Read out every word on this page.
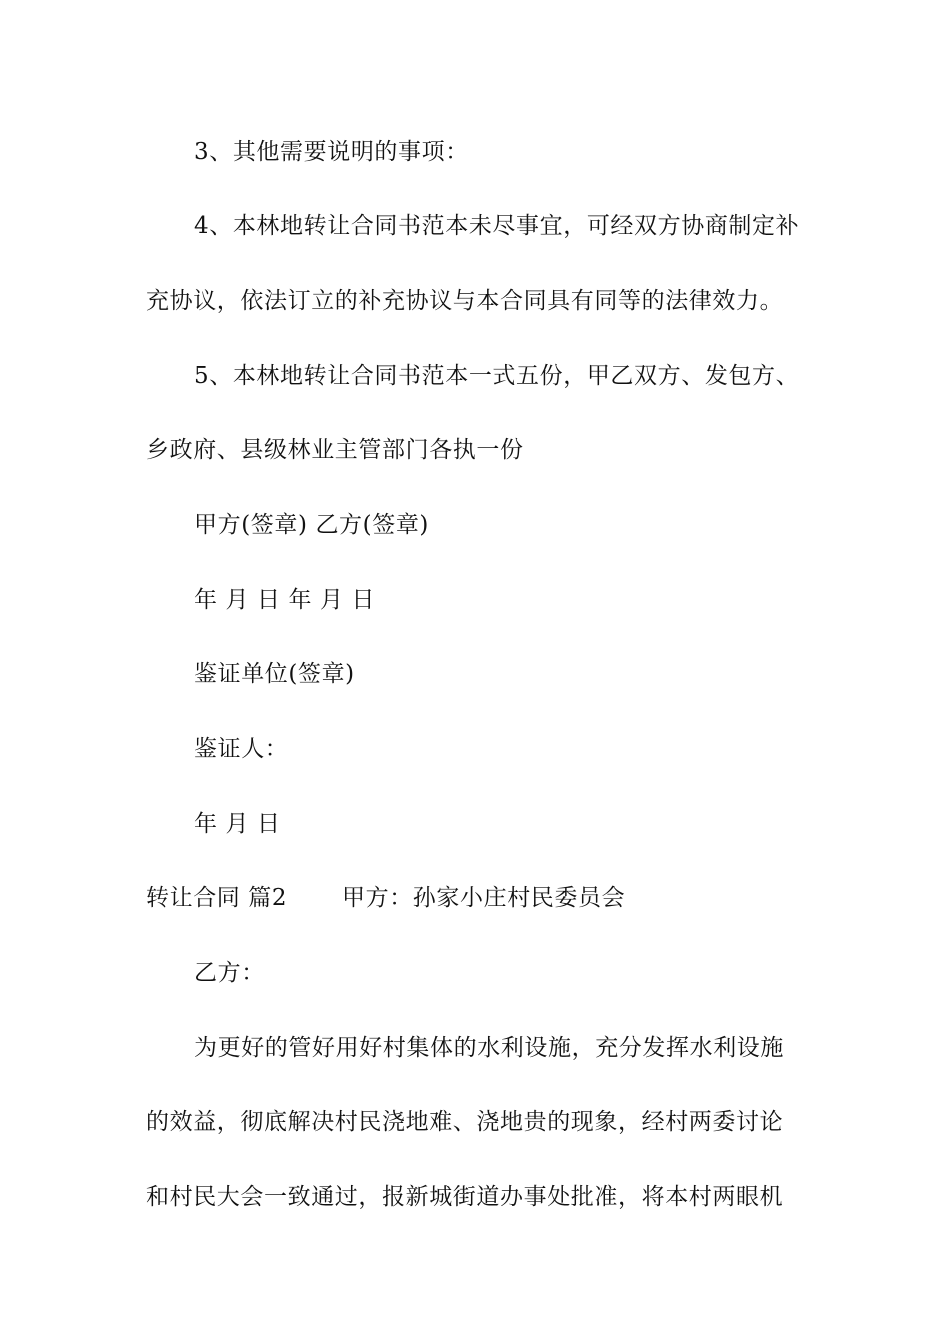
3、其他需要说明的事项：
4、本林地转让合同书范本未尽事宜，可经双方协商制定补
充协议，依法订立的补充协议与本合同具有同等的法律效力。
5、本林地转让合同书范本一式五份，甲乙双方、发包方、
乡政府、县级林业主管部门各执一份
甲方(签章) 乙方(签章)
年 月 日 年 月 日
鉴证单位(签章)
鉴证人：
年 月 日
转让合同 篇2	甲方：孙家小庄村民委员会
乙方：
为更好的管好用好村集体的水利设施，充分发挥水利设施
的效益，彻底解决村民浇地难、浇地贵的现象，经村两委讨论
和村民大会一致通过，报新城街道办事处批准，将本村两眼机
